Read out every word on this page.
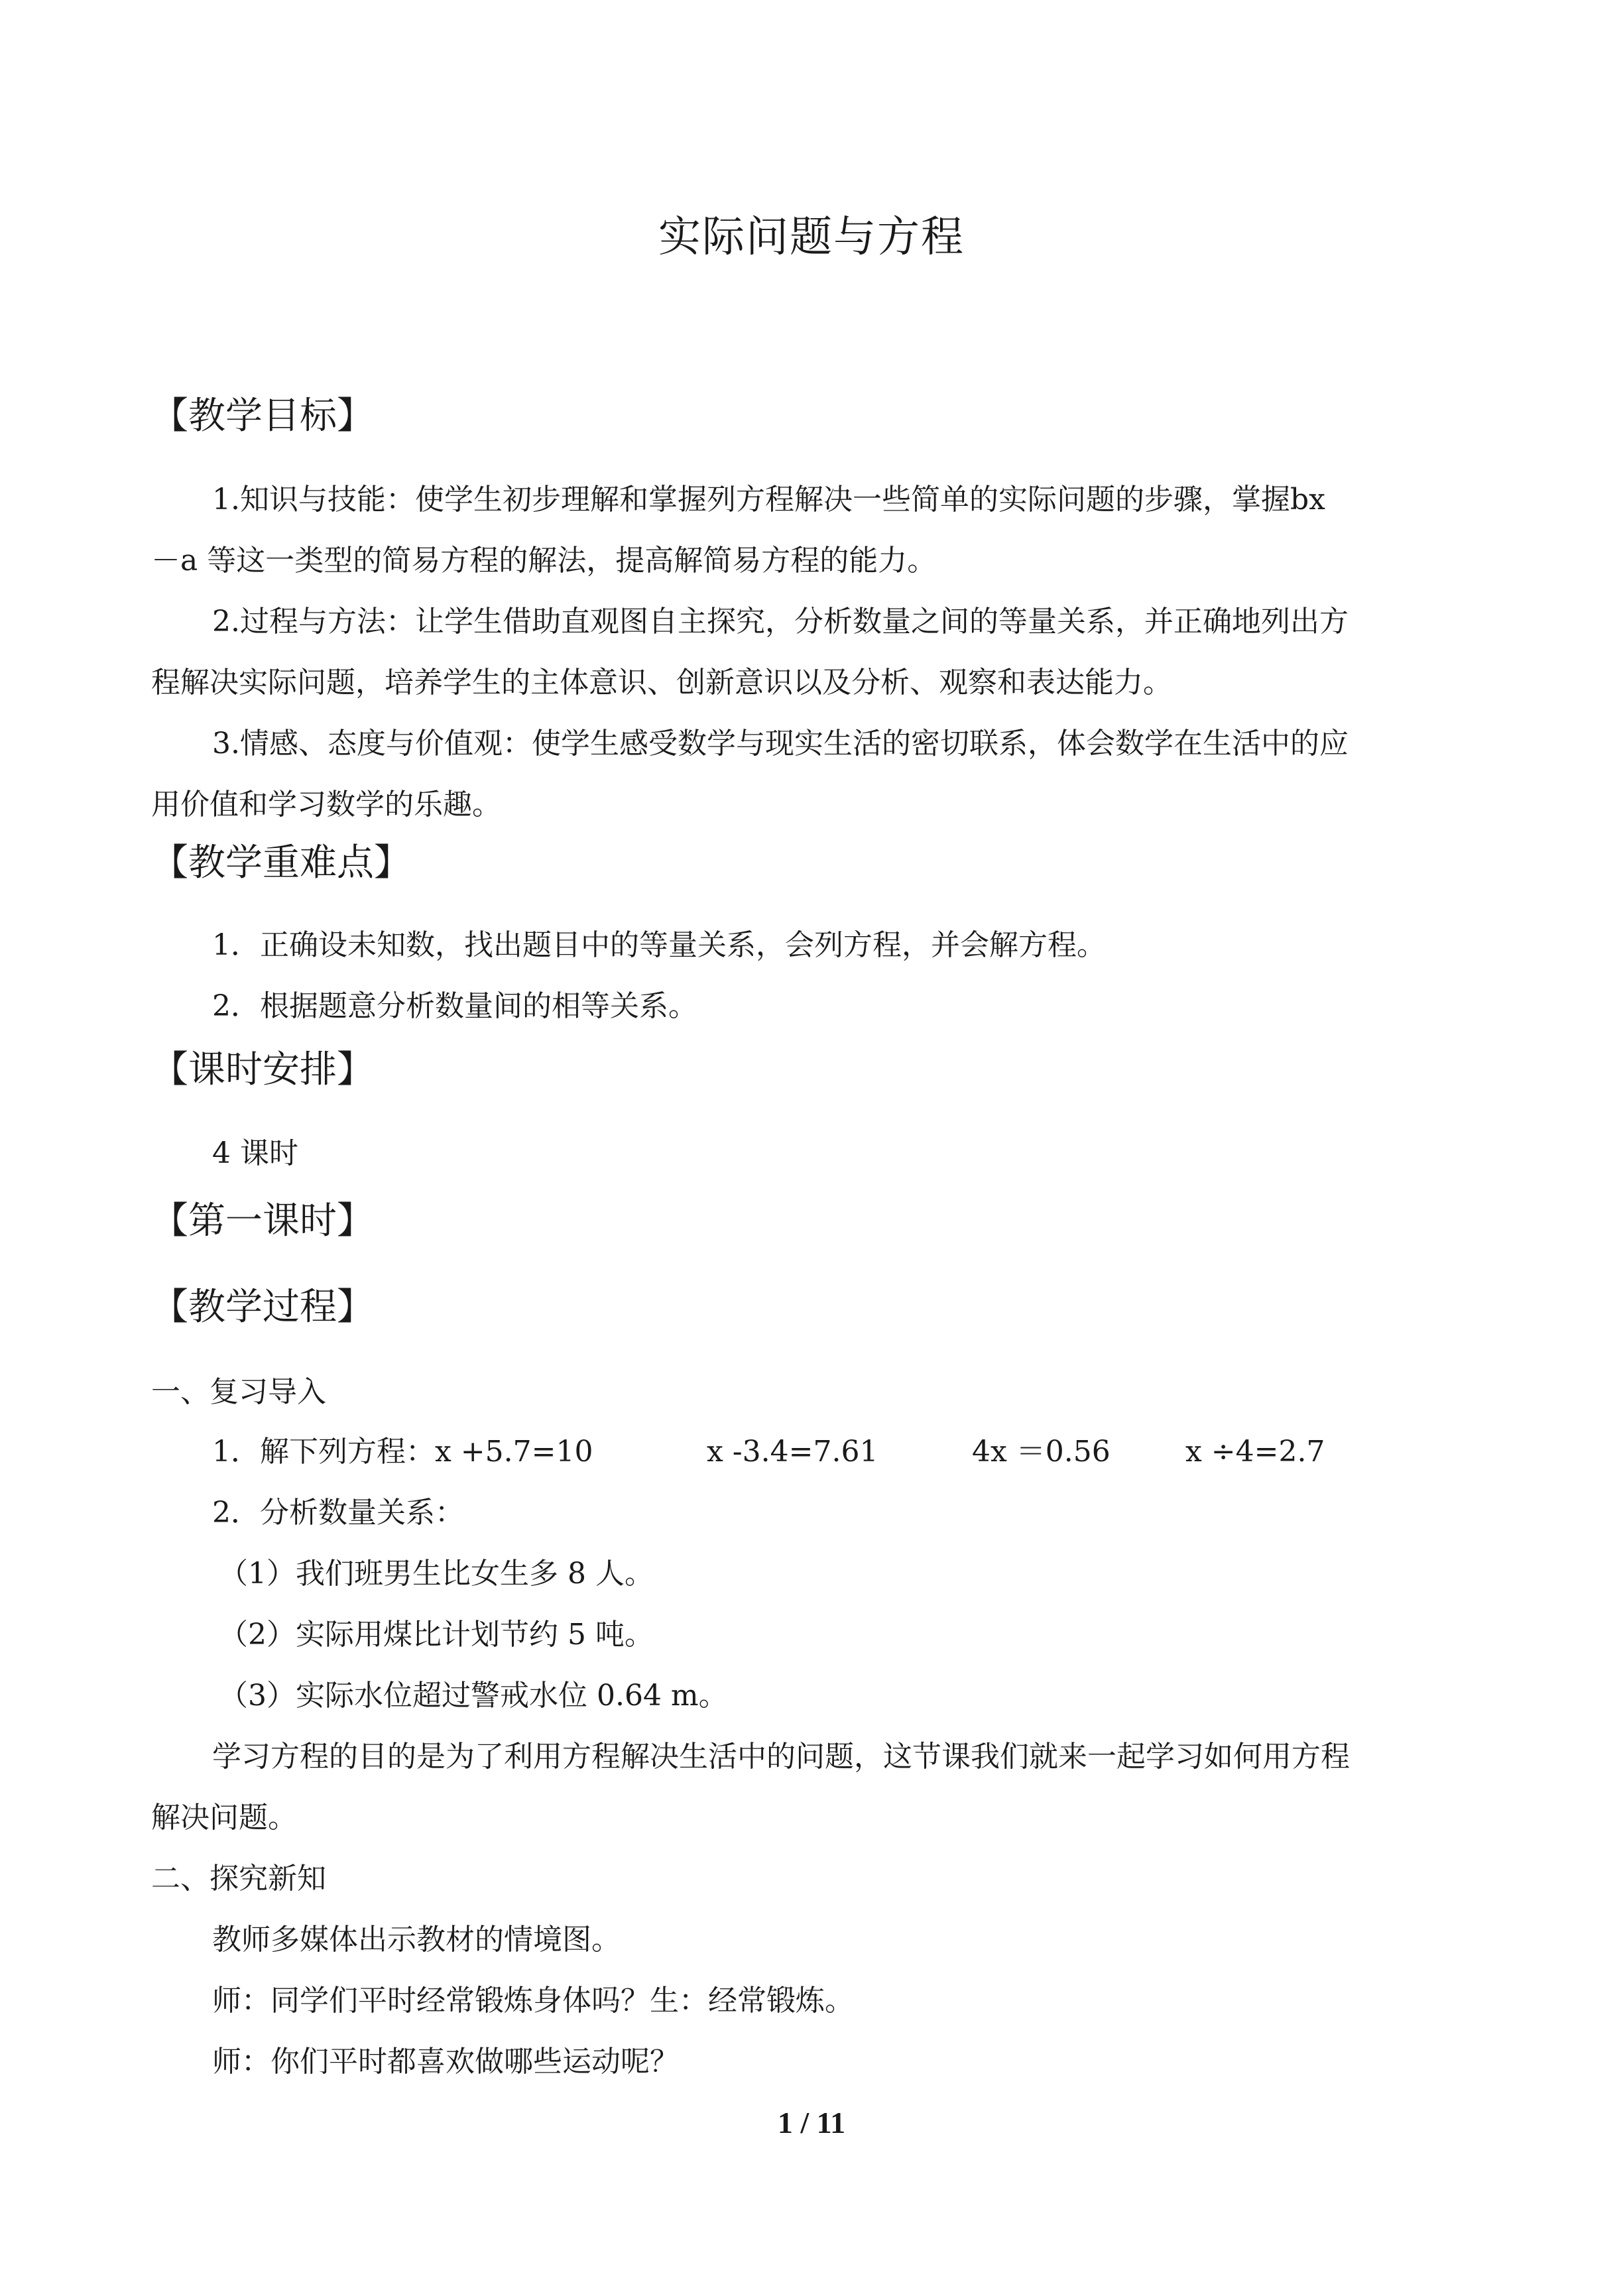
实际问题与方程
【教学目标】
1.知识与技能：使学生初步理解和掌握列方程解决一些简单的实际问题的步骤，掌握bx
－a 等这一类型的简易方程的解法，提高解简易方程的能力。
2.过程与方法：让学生借助直观图自主探究，分析数量之间的等量关系，并正确地列出方
程解决实际问题，培养学生的主体意识、创新意识以及分析、观察和表达能力。
3.情感、态度与价值观：使学生感受数学与现实生活的密切联系，体会数学在生活中的应
用价值和学习数学的乐趣。
【教学重难点】
1．正确设未知数，找出题目中的等量关系，会列方程，并会解方程。
2．根据题意分析数量间的相等关系。
【课时安排】
4 课时
【第一课时】
【教学过程】
一、复习导入
1．解下列方程：x +5.7=10	x -3.4=7.61	4x ＝0.56	x ÷4=2.7
2．分析数量关系：
（1）我们班男生比女生多 8 人。
（2）实际用煤比计划节约 5 吨。
（3）实际水位超过警戒水位 0.64 m。
学习方程的目的是为了利用方程解决生活中的问题，这节课我们就来一起学习如何用方程
解决问题。
二、探究新知
教师多媒体出示教材的情境图。
师：同学们平时经常锻炼身体吗？生：经常锻炼。
师：你们平时都喜欢做哪些运动呢？
1 / 11
